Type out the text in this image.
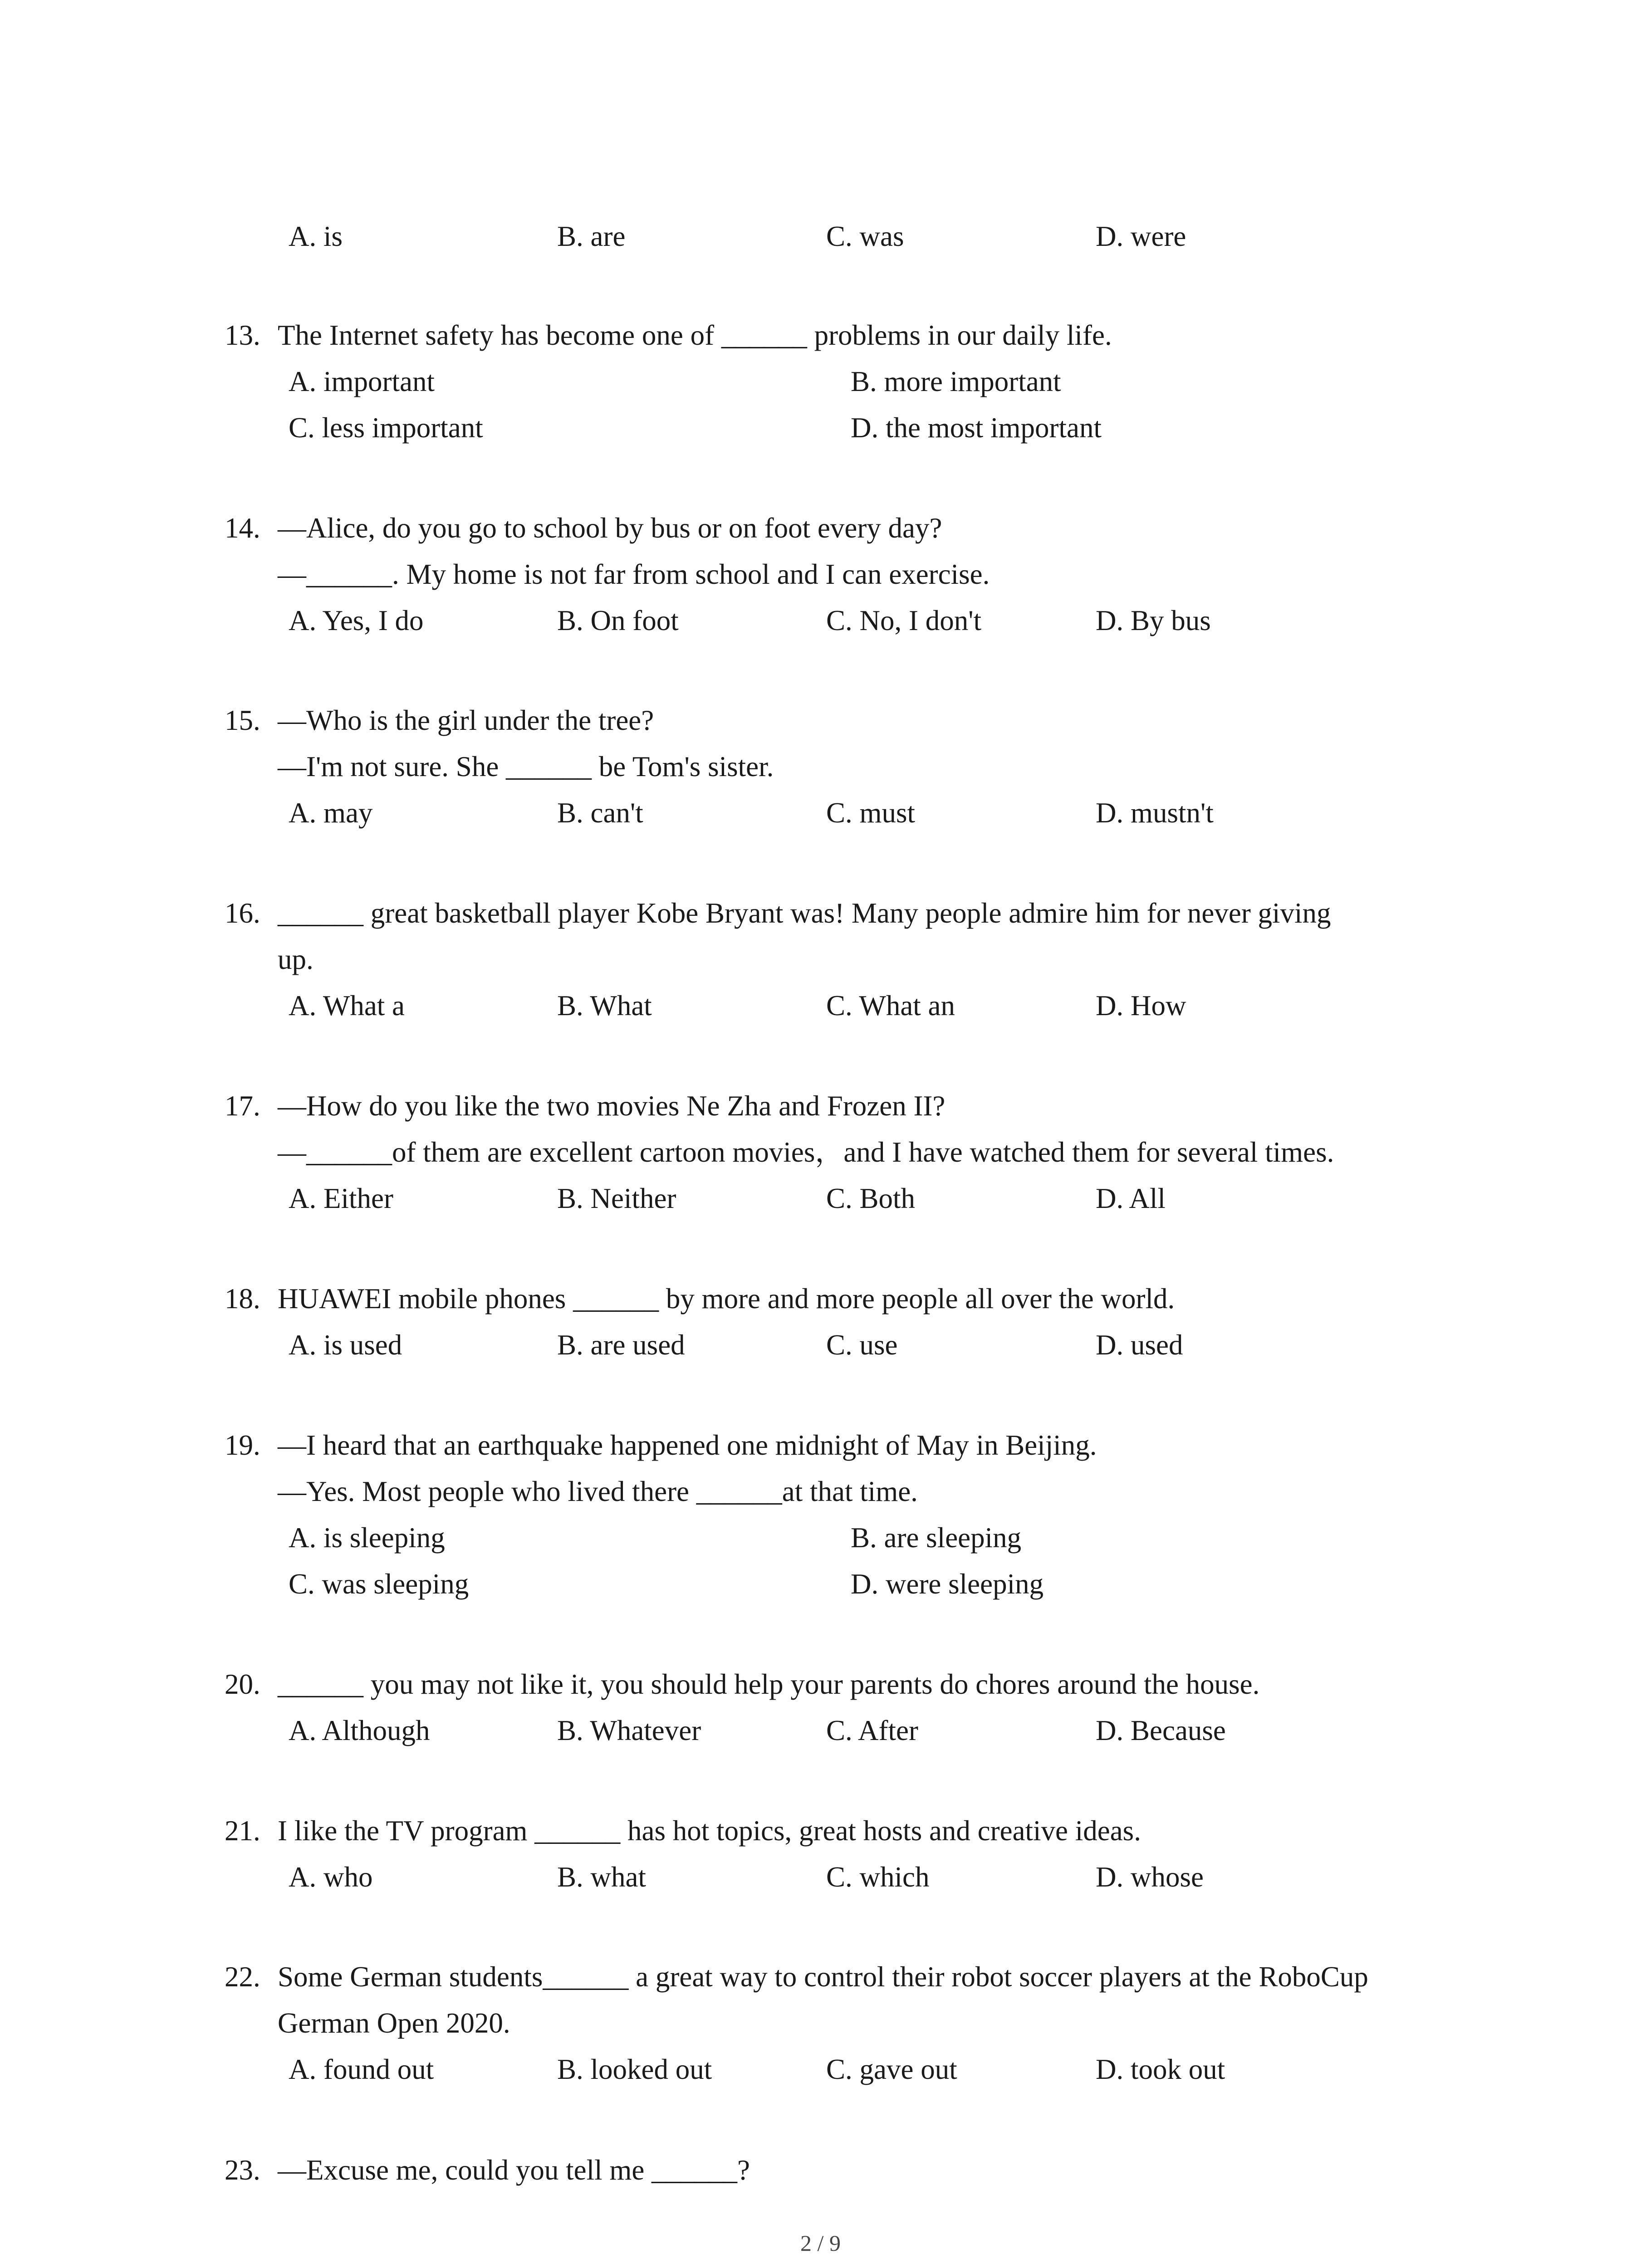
A. is	B. are	C. was	D. were
13. The Internet safety has become one of ______ problems in our daily life.
A. important	B. more important
C. less important	D. the most important
14. —Alice, do you go to school by bus or on foot every day?
—______. My home is not far from school and I can exercise.
A. Yes, I do	B. On foot	C. No, I don't	D. By bus
15. —Who is the girl under the tree?
—I'm not sure. She ______ be Tom's sister.
A. may	B. can't	C. must	D. mustn't
16. ______ great basketball player Kobe Bryant was! Many people admire him for never giving
up.
A. What a	B. What	C. What an	D. How
17. —How do you like the two movies Ne Zha and Frozen II?
—______of them are excellent cartoon movies，and I have watched them for several times.
A. Either	B. Neither	C. Both	D. All
18. HUAWEI mobile phones ______ by more and more people all over the world.
A. is used	B. are used	C. use	D. used
19. —I heard that an earthquake happened one midnight of May in Beijing.
—Yes. Most people who lived there ______at that time.
A. is sleeping	B. are sleeping
C. was sleeping	D. were sleeping
20. ______ you may not like it, you should help your parents do chores around the house.
A. Although	B. Whatever	C. After	D. Because
21. I like the TV program ______ has hot topics, great hosts and creative ideas.
A. who	B. what	C. which	D. whose
22. Some German students______ a great way to control their robot soccer players at the RoboCup
German Open 2020.
A. found out	B. looked out	C. gave out	D. took out
23. —Excuse me, could you tell me ______?
2 / 9
